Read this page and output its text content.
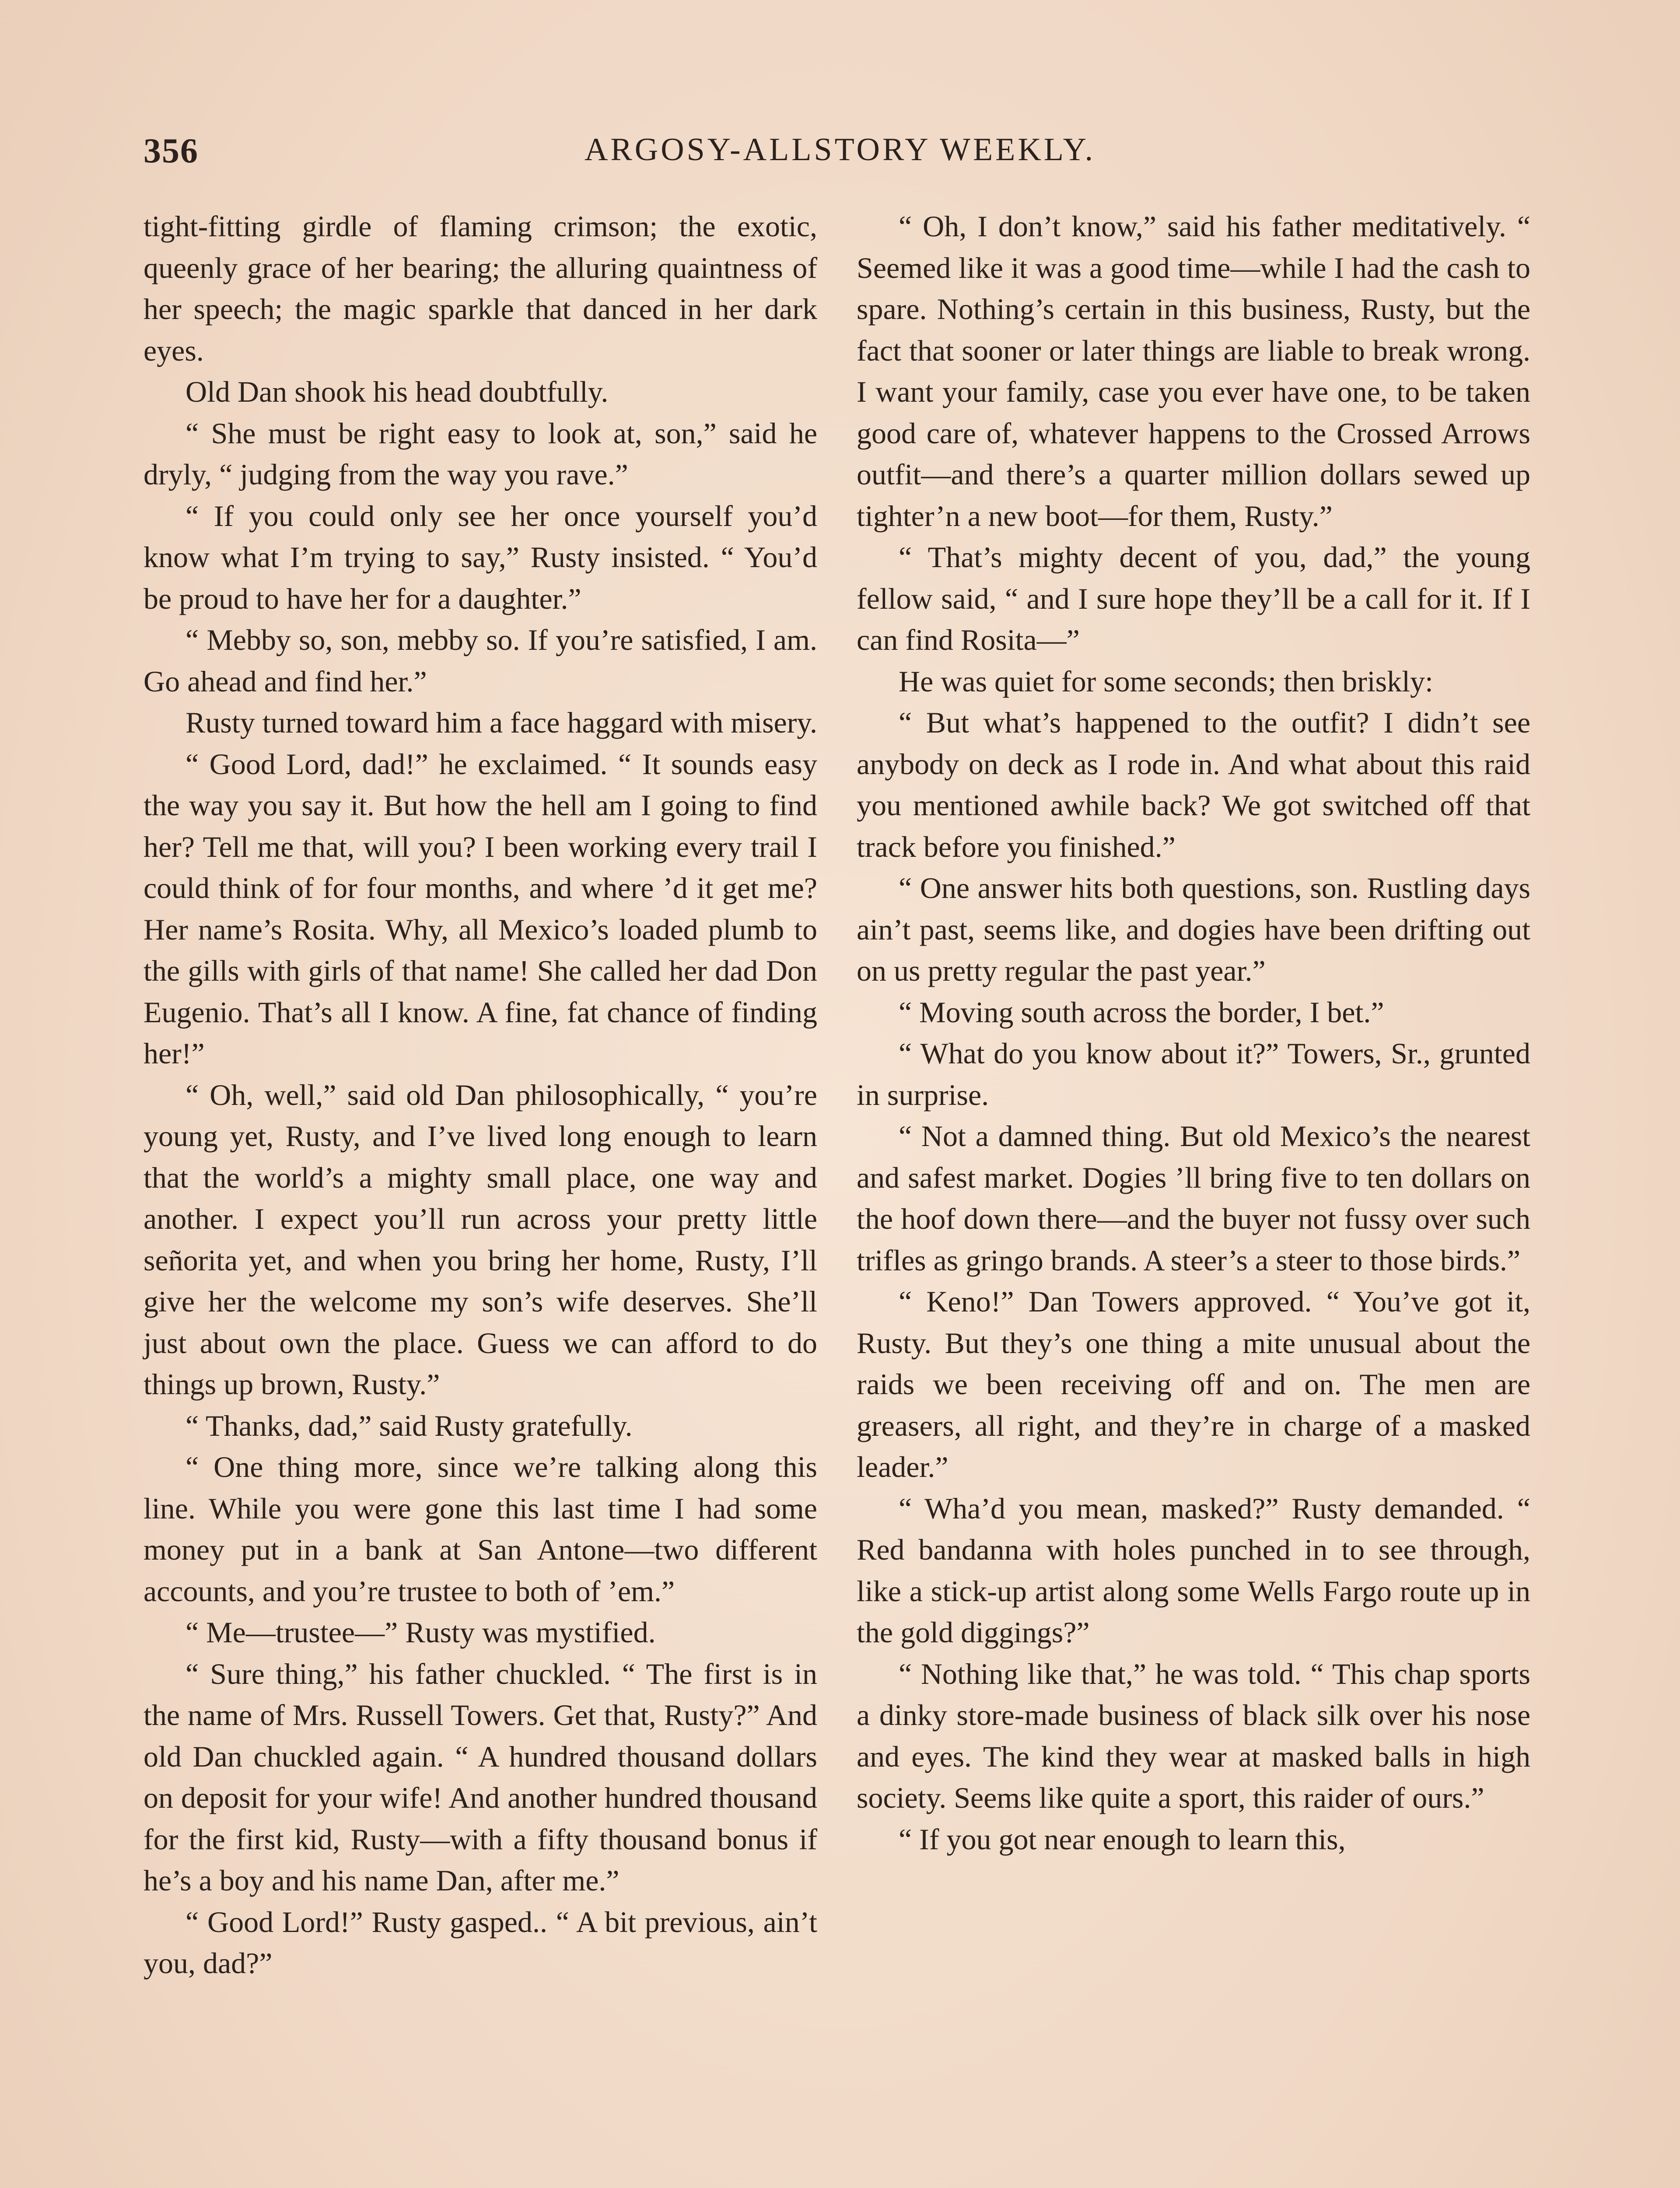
356	ARGOSY-ALLSTORY WEEKLY.

tight-fitting girdle of flaming crimson; the exotic, queenly grace of her bearing; the alluring quaintness of her speech; the magic sparkle that danced in her dark eyes.

Old Dan shook his head doubtfully.

“ She must be right easy to look at, son,” said he dryly, “ judging from the way you rave.”

“ If you could only see her once yourself you’d know what I’m trying to say,” Rusty insisted. “ You’d be proud to have her for a daughter.”

“ Mebby so, son, mebby so. If you’re satisfied, I am. Go ahead and find her.”

Rusty turned toward him a face haggard with misery.

“ Good Lord, dad!” he exclaimed. “ It sounds easy the way you say it. But how the hell am I going to find her? Tell me that, will you? I been working every trail I could think of for four months, and where ’d it get me? Her name’s Rosita. Why, all Mexico’s loaded plumb to the gills with girls of that name! She called her dad Don Eugenio. That’s all I know. A fine, fat chance of finding her!”

“ Oh, well,” said old Dan philosophically, “ you’re young yet, Rusty, and I’ve lived long enough to learn that the world’s a mighty small place, one way and another. I expect you’ll run across your pretty little señorita yet, and when you bring her home, Rusty, I’ll give her the welcome my son’s wife deserves. She’ll just about own the place. Guess we can afford to do things up brown, Rusty.”

“ Thanks, dad,” said Rusty gratefully.

“ One thing more, since we’re talking along this line. While you were gone this last time I had some money put in a bank at San Antone—two different accounts, and you’re trustee to both of ’em.”

“ Me—trustee—” Rusty was mystified.

“ Sure thing,” his father chuckled. “ The first is in the name of Mrs. Russell Towers. Get that, Rusty?” And old Dan chuckled again. “ A hundred thousand dollars on deposit for your wife! And another hundred thousand for the first kid, Rusty—with a fifty thousand bonus if he’s a boy and his name Dan, after me.”

“ Good Lord!” Rusty gasped.. “ A bit previous, ain’t you, dad?”

“ Oh, I don’t know,” said his father meditatively. “ Seemed like it was a good time—while I had the cash to spare. Nothing’s certain in this business, Rusty, but the fact that sooner or later things are liable to break wrong. I want your family, case you ever have one, to be taken good care of, whatever happens to the Crossed Arrows outfit—and there’s a quarter million dollars sewed up tighter’n a new boot—for them, Rusty.”

“ That’s mighty decent of you, dad,” the young fellow said, “ and I sure hope they’ll be a call for it. If I can find Rosita—”

He was quiet for some seconds; then briskly:

“ But what’s happened to the outfit? I didn’t see anybody on deck as I rode in. And what about this raid you mentioned awhile back? We got switched off that track before you finished.”

“ One answer hits both questions, son. Rustling days ain’t past, seems like, and dogies have been drifting out on us pretty regular the past year.”

“ Moving south across the border, I bet.”

“ What do you know about it?” Towers, Sr., grunted in surprise.

“ Not a damned thing. But old Mexico’s the nearest and safest market. Dogies ’ll bring five to ten dollars on the hoof down there—and the buyer not fussy over such trifles as gringo brands. A steer’s a steer to those birds.”

“ Keno!” Dan Towers approved. “ You’ve got it, Rusty. But they’s one thing a mite unusual about the raids we been receiving off and on. The men are greasers, all right, and they’re in charge of a masked leader.”

“ Wha’d you mean, masked?” Rusty demanded. “ Red bandanna with holes punched in to see through, like a stick-up artist along some Wells Fargo route up in the gold diggings?”

“ Nothing like that,” he was told. “ This chap sports a dinky store-made business of black silk over his nose and eyes. The kind they wear at masked balls in high society. Seems like quite a sport, this raider of ours.”

“ If you got near enough to learn this,
